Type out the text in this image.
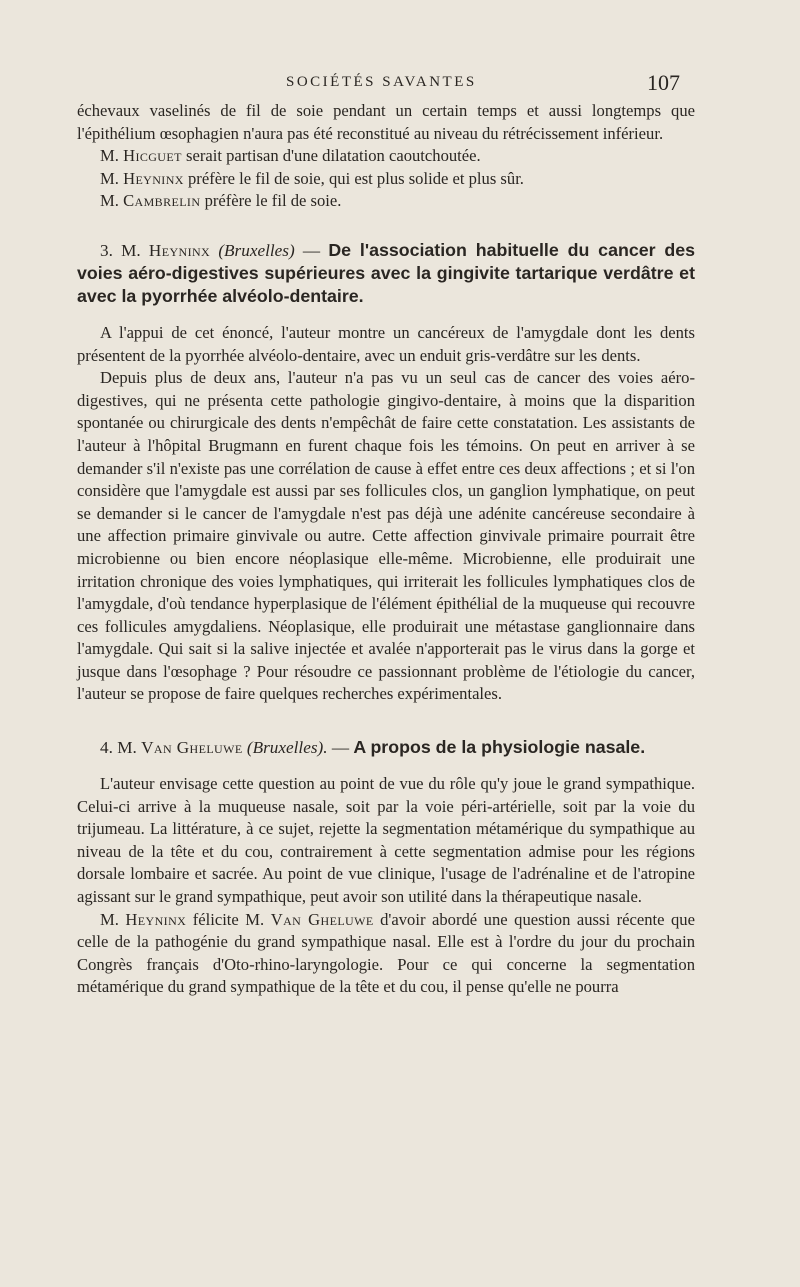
SOCIÉTÉS SAVANTES	107

échevaux vaselinés de fil de soie pendant un certain temps et aussi longtemps que l'épithélium œsophagien n'aura pas été reconstitué au niveau du rétrécissement inférieur.

M. Hicguet serait partisan d'une dilatation caoutchoutée.

M. Heyninx préfère le fil de soie, qui est plus solide et plus sûr.

M. Cambrelin préfère le fil de soie.

3. M. Heyninx (Bruxelles) — De l'association habituelle du cancer des voies aéro-digestives supérieures avec la gingivite tartarique verdâtre et avec la pyorrhée alvéolo-dentaire.

A l'appui de cet énoncé, l'auteur montre un cancéreux de l'amygdale dont les dents présentent de la pyorrhée alvéolo-dentaire, avec un enduit gris-verdâtre sur les dents.

Depuis plus de deux ans, l'auteur n'a pas vu un seul cas de cancer des voies aéro-digestives, qui ne présenta cette pathologie gingivo-dentaire, à moins que la disparition spontanée ou chirurgicale des dents n'empêchât de faire cette constatation. Les assistants de l'auteur à l'hôpital Brugmann en furent chaque fois les témoins. On peut en arriver à se demander s'il n'existe pas une corrélation de cause à effet entre ces deux affections ; et si l'on considère que l'amygdale est aussi par ses follicules clos, un ganglion lymphatique, on peut se demander si le cancer de l'amygdale n'est pas déjà une adénite cancéreuse secondaire à une affection primaire ginvivale ou autre. Cette affection ginvivale primaire pourrait être microbienne ou bien encore néoplasique elle-même. Microbienne, elle produirait une irritation chronique des voies lymphatiques, qui irriterait les follicules lymphatiques clos de l'amygdale, d'où tendance hyperplasique de l'élément épithélial de la muqueuse qui recouvre ces follicules amygdaliens. Néoplasique, elle produirait une métastase ganglionnaire dans l'amygdale. Qui sait si la salive injectée et avalée n'apporterait pas le virus dans la gorge et jusque dans l'œsophage ? Pour résoudre ce passionnant problème de l'étiologie du cancer, l'auteur se propose de faire quelques recherches expérimentales.

4. M. Van Gheluwe (Bruxelles). — A propos de la physiologie nasale.

L'auteur envisage cette question au point de vue du rôle qu'y joue le grand sympathique. Celui-ci arrive à la muqueuse nasale, soit par la voie péri-artérielle, soit par la voie du trijumeau. La littérature, à ce sujet, rejette la segmentation métamérique du sympathique au niveau de la tête et du cou, contrairement à cette segmentation admise pour les régions dorsale lombaire et sacrée. Au point de vue clinique, l'usage de l'adrénaline et de l'atropine agissant sur le grand sympathique, peut avoir son utilité dans la thérapeutique nasale.

M. Heyninx félicite M. Van Gheluwe d'avoir abordé une question aussi récente que celle de la pathogénie du grand sympathique nasal. Elle est à l'ordre du jour du prochain Congrès français d'Oto-rhino-laryngologie. Pour ce qui concerne la segmentation métamérique du grand sympathique de la tête et du cou, il pense qu'elle ne pourra
